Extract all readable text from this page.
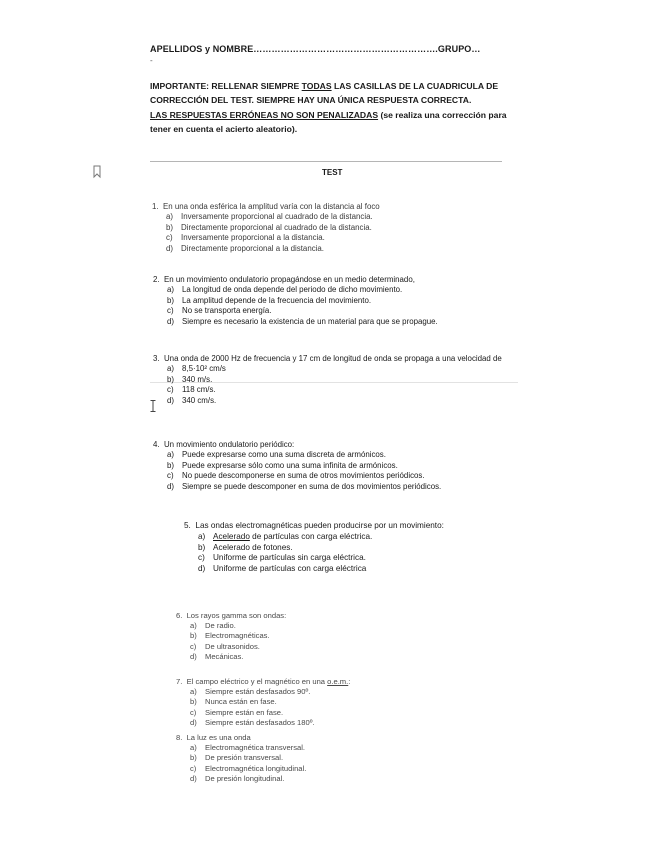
APELLIDOS y NOMBRE…………………………………………………….GRUPO…
-
IMPORTANTE: RELLENAR SIEMPRE TODAS LAS CASILLAS DE LA CUADRICULA DE CORRECCIÓN DEL TEST. SIEMPRE HAY UNA ÚNICA RESPUESTA CORRECTA.
LAS RESPUESTAS ERRÓNEAS NO SON PENALIZADAS (se realiza una corrección para tener en cuenta el acierto aleatorio).
TEST
1. En una onda esférica la amplitud varía con la distancia al foco
a) Inversamente proporcional al cuadrado de la distancia.
b) Directamente proporcional al cuadrado de la distancia.
c) Inversamente proporcional a la distancia.
d) Directamente proporcional a la distancia.
2. En un movimiento ondulatorio propagándose en un medio determinado,
a) La longitud de onda depende del periodo de dicho movimiento.
b) La amplitud depende de la frecuencia del movimiento.
c) No se transporta energía.
d) Siempre es necesario la existencia de un material para que se propague.
3. Una onda de 2000 Hz de frecuencia y 17 cm de longitud de onda se propaga a una velocidad de
a) 8,5·10² cm/s
b) 340 m/s.
c) 118 cm/s.
d) 340 cm/s.
4. Un movimiento ondulatorio periódico:
a) Puede expresarse como una suma discreta de armónicos.
b) Puede expresarse sólo como una suma infinita de armónicos.
c) No puede descomponerse en suma de otros movimientos periódicos.
d) Siempre se puede descomponer en suma de dos movimientos periódicos.
5. Las ondas electromagnéticas pueden producirse por un movimiento:
a) Acelerado de partículas con carga eléctrica.
b) Acelerado de fotones.
c) Uniforme de partículas sin carga eléctrica.
d) Uniforme de partículas con carga eléctrica
6. Los rayos gamma son ondas:
a) De radio.
b) Electromagnéticas.
c) De ultrasonidos.
d) Mecánicas.
7. El campo eléctrico y el magnético en una o.e.m.:
a) Siempre están desfasados 90º.
b) Nunca están en fase.
c) Siempre están en fase.
d) Siempre están desfasados 180º.
8. La luz es una onda
a) Electromagnética transversal.
b) De presión transversal.
c) Electromagnética longitudinal.
d) De presión longitudinal.
